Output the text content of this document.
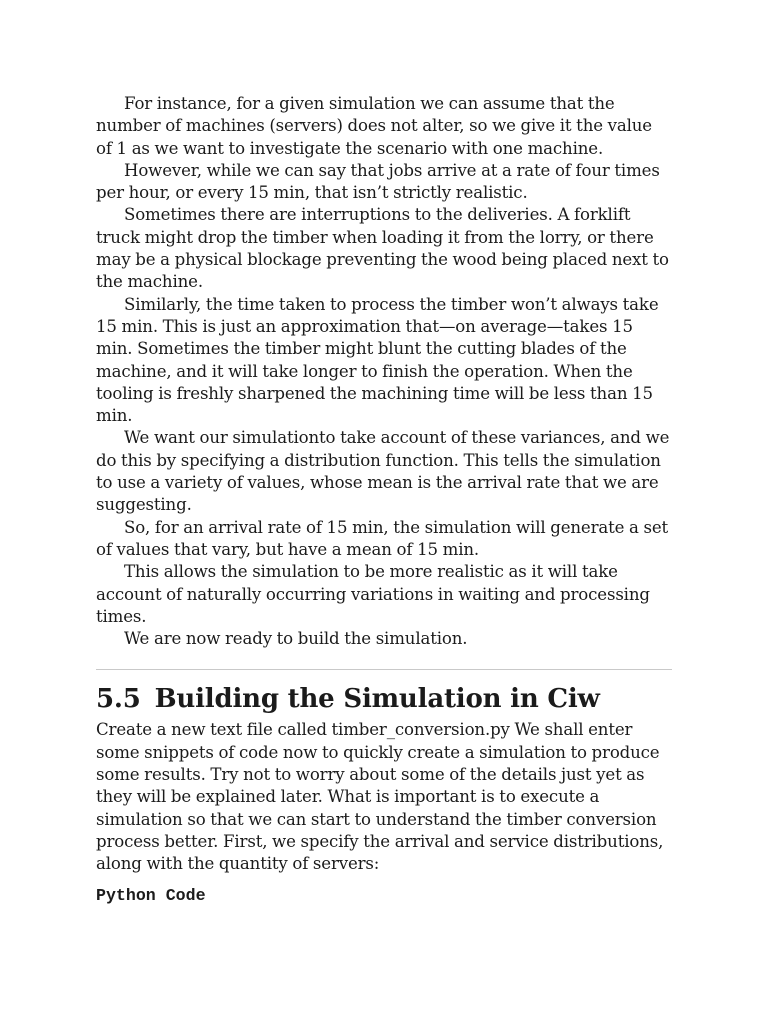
For instance, for a given simulation we can assume that the number of machines (servers) does not alter, so we give it the value of 1 as we want to investigate the scenario with one machine.

However, while we can say that jobs arrive at a rate of four times per hour, or every 15 min, that isn’t strictly realistic.

Sometimes there are interruptions to the deliveries. A forklift truck might drop the timber when loading it from the lorry, or there may be a physical blockage preventing the wood being placed next to the machine.

Similarly, the time taken to process the timber won’t always take 15 min. This is just an approximation that—on average—takes 15 min. Sometimes the timber might blunt the cutting blades of the machine, and it will take longer to finish the operation. When the tooling is freshly sharpened the machining time will be less than 15 min.

We want our simulationto take account of these variances, and we do this by specifying a distribution function. This tells the simulation to use a variety of values, whose mean is the arrival rate that we are suggesting.

So, for an arrival rate of 15 min, the simulation will generate a set of values that vary, but have a mean of 15 min.

This allows the simulation to be more realistic as it will take account of naturally occurring variations in waiting and processing times.

We are now ready to build the simulation.

5.5 Building the Simulation in Ciw

Create a new text file called timber_conversion.py We shall enter some snippets of code now to quickly create a simulation to produce some results. Try not to worry about some of the details just yet as they will be explained later. What is important is to execute a simulation so that we can start to understand the timber conversion process better. First, we specify the arrival and service distributions, along with the quantity of servers:

Python Code
